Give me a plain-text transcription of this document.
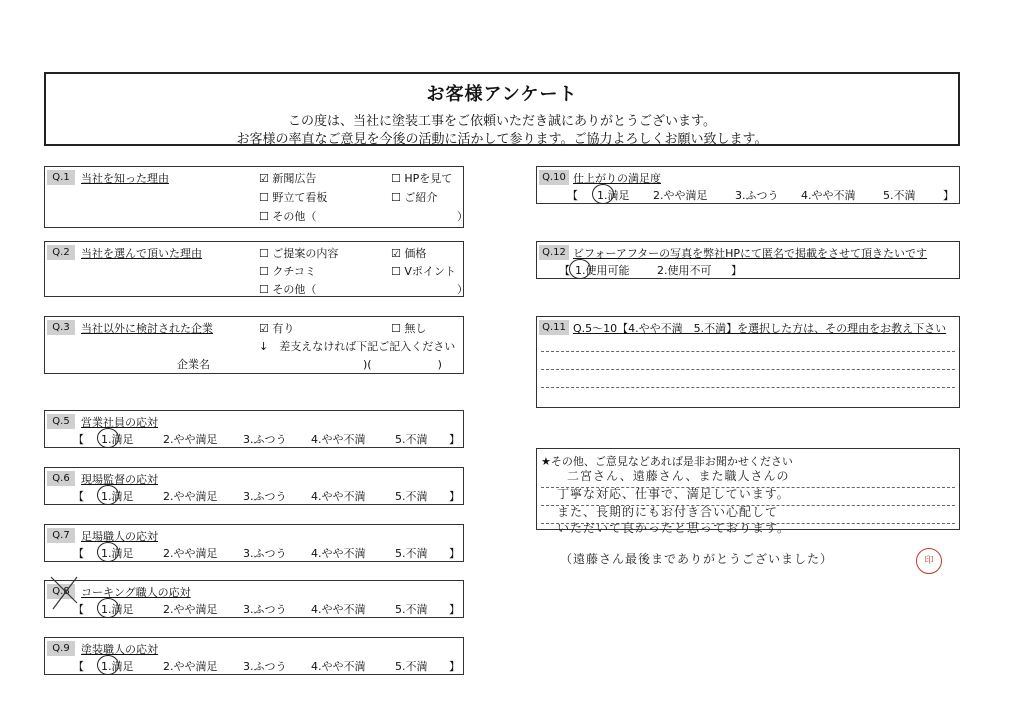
お客様アンケート
この度は、当社に塗装工事をご依頼いただき誠にありがとうございます。
お客様の率直なご意見を今後の活動に活かして参ります。ご協力よろしくお願い致します。
Q.1	当社を知った理由	☑ 新聞広告	☐ HPを見て
☐ 野立て看板	☐ ご紹介
☐ その他（	）
Q.2	当社を選んで頂いた理由	☐ ご提案の内容	☑ 価格
☐ クチコミ	☐ Vポイント
☐ その他（	）
Q.3	当社以外に検討された企業	☑ 有り	☐ 無し
↓　差支えなければ下記ご記入ください
企業名	)(　　　　　　)
Q.5	営業社員の応対
【 1.満足	2.やや満足 3.ふつう 4.やや不満	5.不満 】
Q.6	現場監督の応対
【 1.満足	2.やや満足 3.ふつう 4.やや不満	5.不満 】
Q.7	足場職人の応対
【 1.満足	2.やや満足 3.ふつう 4.やや不満	5.不満 】
Q.8	コーキング職人の応対
【 1.満足	2.やや満足 3.ふつう 4.やや不満	5.不満 】
Q.9	塗装職人の応対
【 1.満足	2.やや満足 3.ふつう 4.やや不満	5.不満 】
Q.10 仕上がりの満足度
【 1.満足 2.やや満足	3.ふつう 4.やや不満	5.不満	】
Q.12 ビフォーアフターの写真を弊社HPにて匿名で掲載をさせて頂きたいです
【 1.使用可能	2.使用不可 】
Q.11 Q.5～10【4.やや不満　5.不満】を選択した方は、その理由をお教え下さい
★その他、ご意見などあれば是非お聞かせください
二宮さん、遠藤さん、また職人さんの
丁寧な対応、仕事で、満足しています。
また、長期的にもお付き合い心配して
いただいて良かったと思っております。
（遠藤さん最後までありがとうございました）	印
